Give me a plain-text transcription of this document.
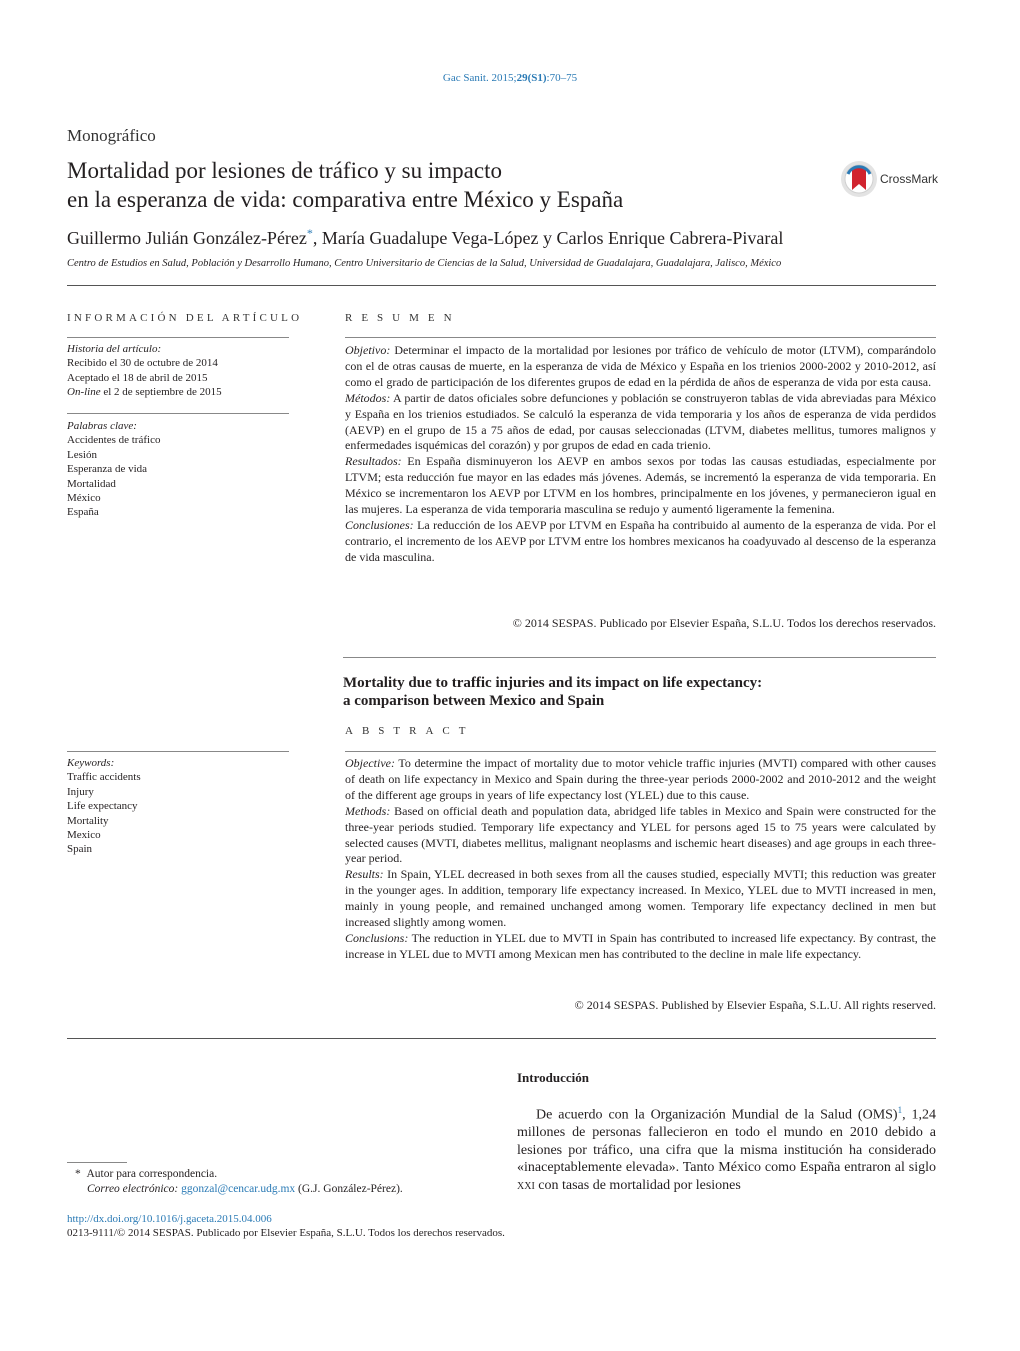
Gac Sanit. 2015;29(S1):70–75
Monográfico
Mortalidad por lesiones de tráfico y su impacto
en la esperanza de vida: comparativa entre México y España
CrossMark
Guillermo Julián González-Pérez*, María Guadalupe Vega-López y Carlos Enrique Cabrera-Pivaral
Centro de Estudios en Salud, Población y Desarrollo Humano, Centro Universitario de Ciencias de la Salud, Universidad de Guadalajara, Guadalajara, Jalisco, México
INFORMACIÓN DEL ARTÍCULO
Historia del artículo:
Recibido el 30 de octubre de 2014
Aceptado el 18 de abril de 2015
On-line el 2 de septiembre de 2015
Palabras clave:
Accidentes de tráfico
Lesión
Esperanza de vida
Mortalidad
México
España
RESUMEN

Objetivo: Determinar el impacto de la mortalidad por lesiones por tráfico de vehículo de motor (LTVM), comparándolo con el de otras causas de muerte, en la esperanza de vida de México y España en los trienios 2000-2002 y 2010-2012, así como el grado de participación de los diferentes grupos de edad en la pérdida de años de esperanza de vida por esta causa.

Métodos: A partir de datos oficiales sobre defunciones y población se construyeron tablas de vida abreviadas para México y España en los trienios estudiados. Se calculó la esperanza de vida temporaria y los años de esperanza de vida perdidos (AEVP) en el grupo de 15 a 75 años de edad, por causas seleccionadas (LTVM, diabetes mellitus, tumores malignos y enfermedades isquémicas del corazón) y por grupos de edad en cada trienio.

Resultados: En España disminuyeron los AEVP en ambos sexos por todas las causas estudiadas, especialmente por LTVM; esta reducción fue mayor en las edades más jóvenes. Además, se incrementó la esperanza de vida temporaria. En México se incrementaron los AEVP por LTVM en los hombres, principalmente en los jóvenes, y permanecieron igual en las mujeres. La esperanza de vida temporaria masculina se redujo y aumentó ligeramente la femenina.

Conclusiones: La reducción de los AEVP por LTVM en España ha contribuido al aumento de la esperanza de vida. Por el contrario, el incremento de los AEVP por LTVM entre los hombres mexicanos ha coadyuvado al descenso de la esperanza de vida masculina.

© 2014 SESPAS. Publicado por Elsevier España, S.L.U. Todos los derechos reservados.
Mortality due to traffic injuries and its impact on life expectancy:
a comparison between Mexico and Spain
ABSTRACT
Keywords:
Traffic accidents
Injury
Life expectancy
Mortality
Mexico
Spain

Objective: To determine the impact of mortality due to motor vehicle traffic injuries (MVTI) compared with other causes of death on life expectancy in Mexico and Spain during the three-year periods 2000-2002 and 2010-2012 and the weight of the different age groups in years of life expectancy lost (YLEL) due to this cause.

Methods: Based on official death and population data, abridged life tables in Mexico and Spain were constructed for the three-year periods studied. Temporary life expectancy and YLEL for persons aged 15 to 75 years were calculated by selected causes (MVTI, diabetes mellitus, malignant neoplasms and ischemic heart diseases) and age groups in each three-year period.

Results: In Spain, YLEL decreased in both sexes from all the causes studied, especially MVTI; this reduction was greater in the younger ages. In addition, temporary life expectancy increased. In Mexico, YLEL due to MVTI increased in men, mainly in young people, and remained unchanged among women. Temporary life expectancy declined in men but increased slightly among women.

Conclusions: The reduction in YLEL due to MVTI in Spain has contributed to increased life expectancy. By contrast, the increase in YLEL due to MVTI among Mexican men has contributed to the decline in male life expectancy.

© 2014 SESPAS. Published by Elsevier España, S.L.U. All rights reserved.
Introducción

De acuerdo con la Organización Mundial de la Salud (OMS)$^1$, 1,24 millones de personas fallecieron en todo el mundo en 2010 debido a lesiones por tráfico, una cifra que la misma institución ha considerado «inaceptablemente elevada». Tanto México como España entraron al siglo xxi con tasas de mortalidad por lesiones

* Autor para correspondencia.
Correo electrónico: ggonzal@cencar.udg.mx (G.J. González-Pérez).
http://dx.doi.org/10.1016/j.gaceta.2015.04.006
0213-9111/© 2014 SESPAS. Publicado por Elsevier España, S.L.U. Todos los derechos reservados.
